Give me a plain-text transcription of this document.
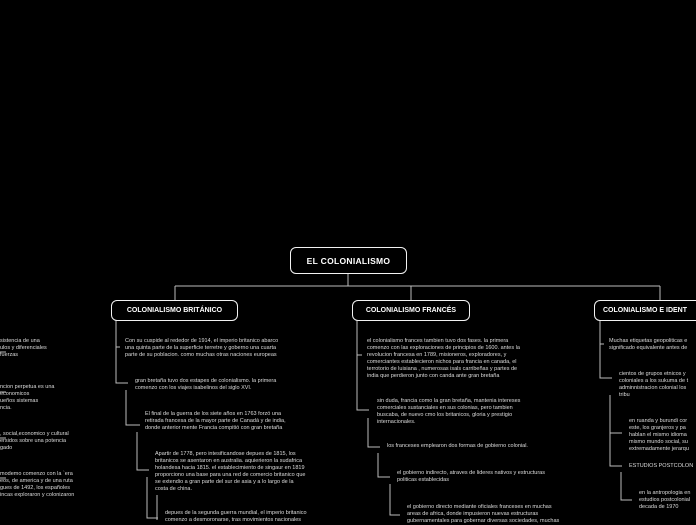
EL COLONIALISMO
COLONIALISMO BRITÁNICO	COLONIALISMO FRANCÉS	COLONIALISMO E IDENT
sistencia de una
ulos y diferenciales
fuerzas
ncion perpetua es una
economicos
ueños sistemas
ncia.
, social,economico y cultural
ersidos sobre una potencia
gado
modemo comenzo con la `era
eos, de america y de una ruta
gues de 1492, los españoles
incas exploraron y colonizaron
Con su cuspide al rededor de 1914, el imperio britanico abarco
una quinta parte de la superficie terretre y goberno una cuarta
parte de su poblacion. como muchas otras naciones europeas
gran bretaña tuvo dos estapes de colonialismo. la primera
comenzo con los viajes isabelinos del siglo XVI.
El final de la guerra de los siete años en 1763 forzó una
retirada francesa de la mayor parte de Canadá y de india,
donde anterior mente Francia compitió con gran bretaña
Apartir de 1778, pero intesificandose depues de 1815, los
britanicos se asentaron en australia. aquierieron la sudafrica
holandesa hacia 1815. el establecimiento de singaur en 1819
proporciono una base para una red de comercio britanico que
se extendio a gran parte del sur de asia y a lo largo de la
costa de china.
depues de la segunda guerra mundial, el imperio britanico
comenzo a desmoronarse, tras movimientos nacionales
el colonialismo frances tambien tuvo dos fases. la primera
comenzo con las exploraciones de principios de 1600. antes la
revolucion francesa en 1789, misioneros, exploradores, y
comerciantes establecieron nichos para francia en canada, el
terrotorio de luisiana , numerosas isals carribeñas y partes de
india que perdieron junto con canda ante gran bretaña
sin duda, francia como la gran bretaña, mantenia intereses
comerciales sustanciales en sus colonias, pero tambien
buscaba, de nuevo cmo los britanicos, gloria y prestigio
internacionales.
los franceses emplearon dos formas de gobierno colonial.
el gobierno indirecto, atraves de lideres nativos y estructuras
politicas establecidas
el gobierno directo mediante oficiales franceses en muchas
areas de africa, donde impusieron nuevas estructuras
gubernamentales para gobernar diversas sociedades, muchas
Muchas etiquetas geopoliticas e
significado equivalente antes de
cientos de grupos etnicos y
coloniales a los sukuma de t
adminnistracion colonial los
tribu
en ruanda y burundi cor
este, los granjeros y pa
hablan el mismo idioma
mismo mundo social, su
extremadamente jerarqu
ESTUDIOS POSTCOLON
en la antropologia en
estudios postcolonial
decada de 1970
